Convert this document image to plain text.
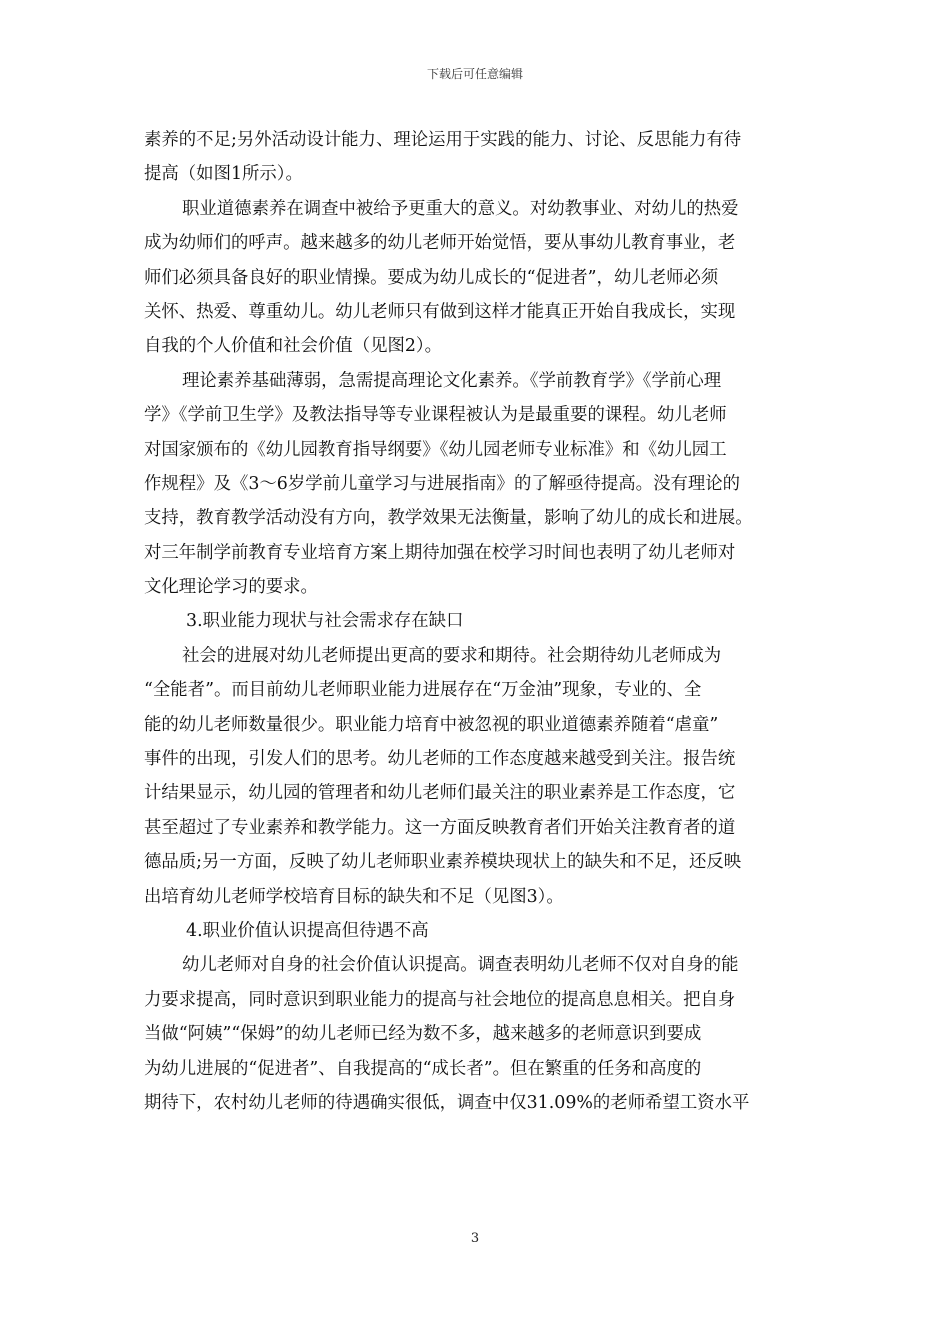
下载后可任意编辑
素养的不足;另外活动设计能力、理论运用于实践的能力、讨论、反思能力有待
提高（如图1所示）。
职业道德素养在调查中被给予更重大的意义。对幼教事业、对幼儿的热爱
成为幼师们的呼声。越来越多的幼儿老师开始觉悟，要从事幼儿教育事业，老
师们必须具备良好的职业情操。要成为幼儿成长的“促进者”，幼儿老师必须
关怀、热爱、尊重幼儿。幼儿老师只有做到这样才能真正开始自我成长，实现
自我的个人价值和社会价值（见图2）。
理论素养基础薄弱，急需提高理论文化素养。《学前教育学》《学前心理
学》《学前卫生学》及教法指导等专业课程被认为是最重要的课程。幼儿老师
对国家颁布的《幼儿园教育指导纲要》《幼儿园老师专业标准》和《幼儿园工
作规程》及《3～6岁学前儿童学习与进展指南》的了解亟待提高。没有理论的
支持，教育教学活动没有方向，教学效果无法衡量，影响了幼儿的成长和进展。
对三年制学前教育专业培育方案上期待加强在校学习时间也表明了幼儿老师对
文化理论学习的要求。
3.职业能力现状与社会需求存在缺口
社会的进展对幼儿老师提出更高的要求和期待。社会期待幼儿老师成为
“全能者”。而目前幼儿老师职业能力进展存在“万金油”现象，专业的、全
能的幼儿老师数量很少。职业能力培育中被忽视的职业道德素养随着“虐童”
事件的出现，引发人们的思考。幼儿老师的工作态度越来越受到关注。报告统
计结果显示，幼儿园的管理者和幼儿老师们最关注的职业素养是工作态度，它
甚至超过了专业素养和教学能力。这一方面反映教育者们开始关注教育者的道
德品质;另一方面，反映了幼儿老师职业素养模块现状上的缺失和不足，还反映
出培育幼儿老师学校培育目标的缺失和不足（见图3）。
4.职业价值认识提高但待遇不高
幼儿老师对自身的社会价值认识提高。调查表明幼儿老师不仅对自身的能
力要求提高，同时意识到职业能力的提高与社会地位的提高息息相关。把自身
当做“阿姨”“保姆”的幼儿老师已经为数不多，越来越多的老师意识到要成
为幼儿进展的“促进者”、自我提高的“成长者”。但在繁重的任务和高度的
期待下，农村幼儿老师的待遇确实很低，调查中仅31.09%的老师希望工资水平
3
